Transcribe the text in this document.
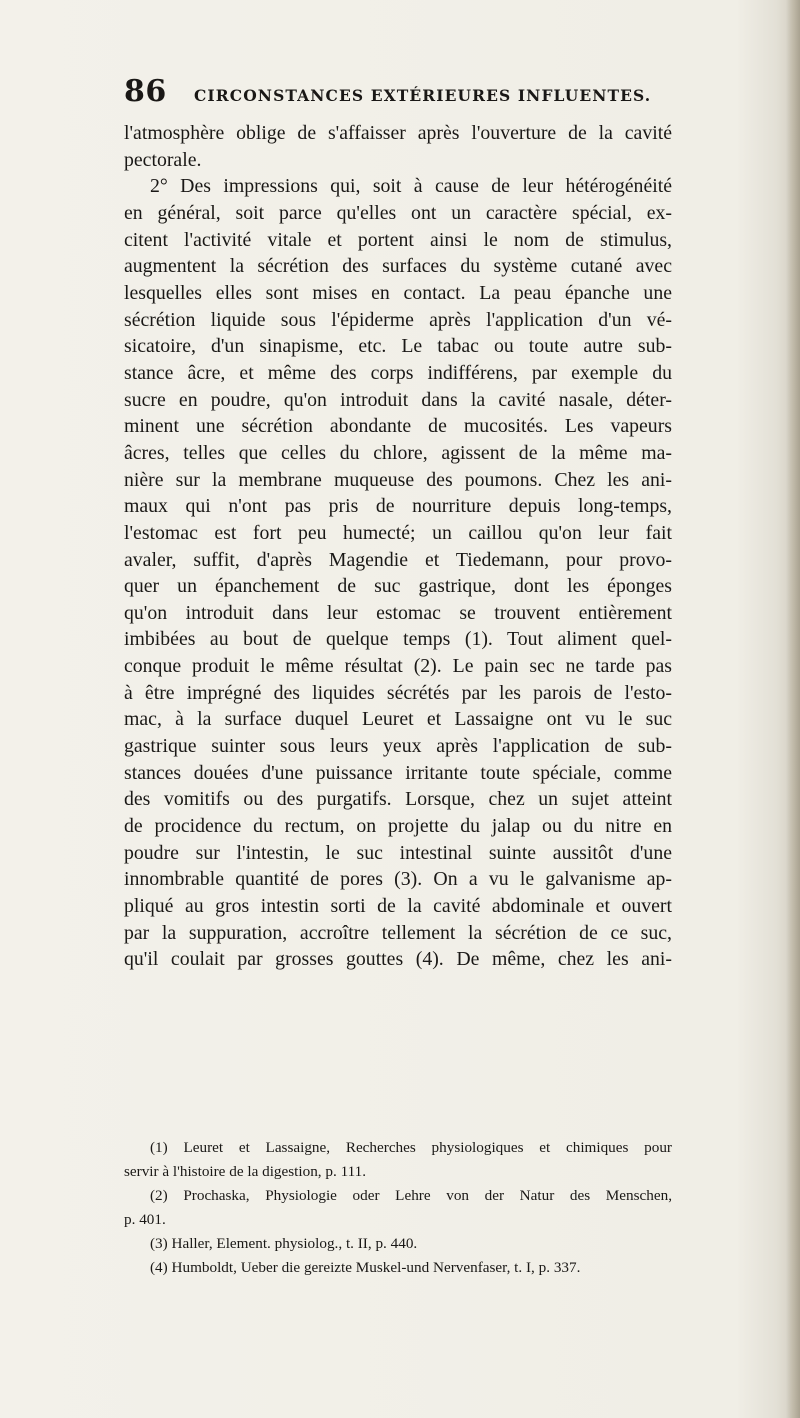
86 CIRCONSTANCES EXTÉRIEURES INFLUENTES.
l'atmosphère oblige de s'affaisser après l'ouverture de la cavité
pectorale.
2° Des impressions qui, soit à cause de leur hétérogénéité
en général, soit parce qu'elles ont un caractère spécial, ex-
citent l'activité vitale et portent ainsi le nom de stimulus,
augmentent la sécrétion des surfaces du système cutané avec
lesquelles elles sont mises en contact. La peau épanche une
sécrétion liquide sous l'épiderme après l'application d'un vé-
sicatoire, d'un sinapisme, etc. Le tabac ou toute autre sub-
stance âcre, et même des corps indifférens, par exemple du
sucre en poudre, qu'on introduit dans la cavité nasale, déter-
minent une sécrétion abondante de mucosités. Les vapeurs
âcres, telles que celles du chlore, agissent de la même ma-
nière sur la membrane muqueuse des poumons. Chez les ani-
maux qui n'ont pas pris de nourriture depuis long-temps,
l'estomac est fort peu humecté; un caillou qu'on leur fait
avaler, suffit, d'après Magendie et Tiedemann, pour provo-
quer un épanchement de suc gastrique, dont les éponges
qu'on introduit dans leur estomac se trouvent entièrement
imbibées au bout de quelque temps (1). Tout aliment quel-
conque produit le même résultat (2). Le pain sec ne tarde pas
à être imprégné des liquides sécrétés par les parois de l'esto-
mac, à la surface duquel Leuret et Lassaigne ont vu le suc
gastrique suinter sous leurs yeux après l'application de sub-
stances douées d'une puissance irritante toute spéciale, comme
des vomitifs ou des purgatifs. Lorsque, chez un sujet atteint
de procidence du rectum, on projette du jalap ou du nitre en
poudre sur l'intestin, le suc intestinal suinte aussitôt d'une
innombrable quantité de pores (3). On a vu le galvanisme ap-
pliqué au gros intestin sorti de la cavité abdominale et ouvert
par la suppuration, accroître tellement la sécrétion de ce suc,
qu'il coulait par grosses gouttes (4). De même, chez les ani-
(1) Leuret et Lassaigne, Recherches physiologiques et chimiques pour
servir à l'histoire de la digestion, p. 111.
(2) Prochaska, Physiologie oder Lehre von der Natur des Menschen,
p. 401.
(3) Haller, Element. physiolog., t. II, p. 440.
(4) Humboldt, Ueber die gereizte Muskel-und Nervenfaser, t. I, p. 337.
